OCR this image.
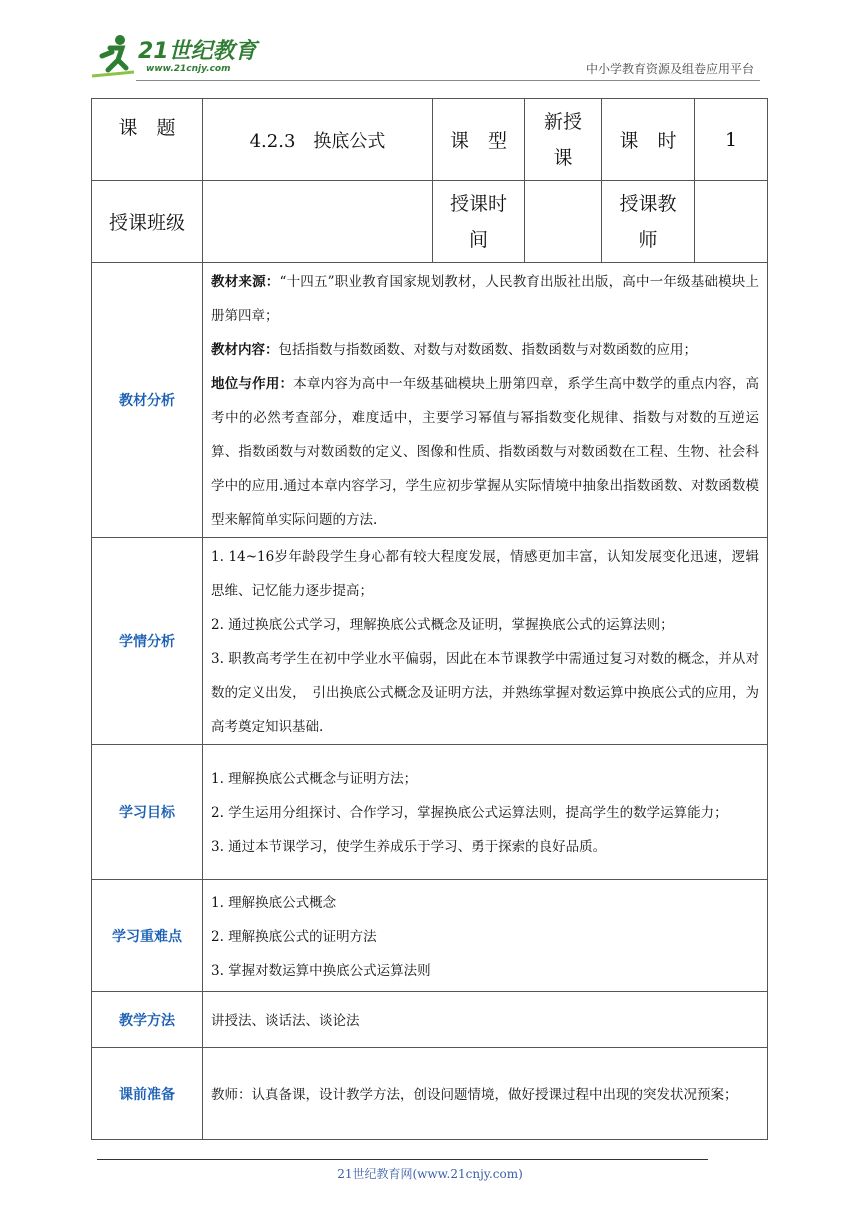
21世纪教育
www.21cnjy.com	中小学教育资源及组卷应用平台
课　题	4.2.3　换底公式	课　型	新授课	课　时	1
授课班级		授课时间		授课教师	
教材分析	教材来源：“十四五”职业教育国家规划教材，人民教育出版社出版，高中一年级基础模块上册第四章；

教材内容：包括指数与指数函数、对数与对数函数、指数函数与对数函数的应用；

地位与作用：本章内容为高中一年级基础模块上册第四章，系学生高中数学的重点内容，高考中的必然考查部分，难度适中，主要学习幂值与幂指数变化规律、指数与对数的互逆运算、指数函数与对数函数的定义、图像和性质、指数函数与对数函数在工程、生物、社会科学中的应用.通过本章内容学习，学生应初步掌握从实际情境中抽象出指数函数、对数函数模型来解简单实际问题的方法.				

学情分析	1. 14~16岁年龄段学生身心都有较大程度发展，情感更加丰富，认知发展变化迅速，逻辑思维、记忆能力逐步提高；

2. 通过换底公式学习，理解换底公式概念及证明，掌握换底公式的运算法则；

3. 职教高考学生在初中学业水平偏弱，因此在本节课教学中需通过复习对数的概念，并从对数的定义出发，　引出换底公式概念及证明方法，并熟练掌握对数运算中换底公式的应用，为高考奠定知识基础.				

学习目标	1. 理解换底公式概念与证明方法；

2. 学生运用分组探讨、合作学习，掌握换底公式运算法则，提高学生的数学运算能力；

3. 通过本节课学习，使学生养成乐于学习、勇于探索的良好品质。				

学习重难点	1. 理解换底公式概念

2. 理解换底公式的证明方法

3. 掌握对数运算中换底公式运算法则				

教学方法	讲授法、谈话法、谈论法				

课前准备	教师：认真备课，设计教学方法，创设问题情境，做好授课过程中出现的突发状况预案；				

21世纪教育网(www.21cnjy.com)
